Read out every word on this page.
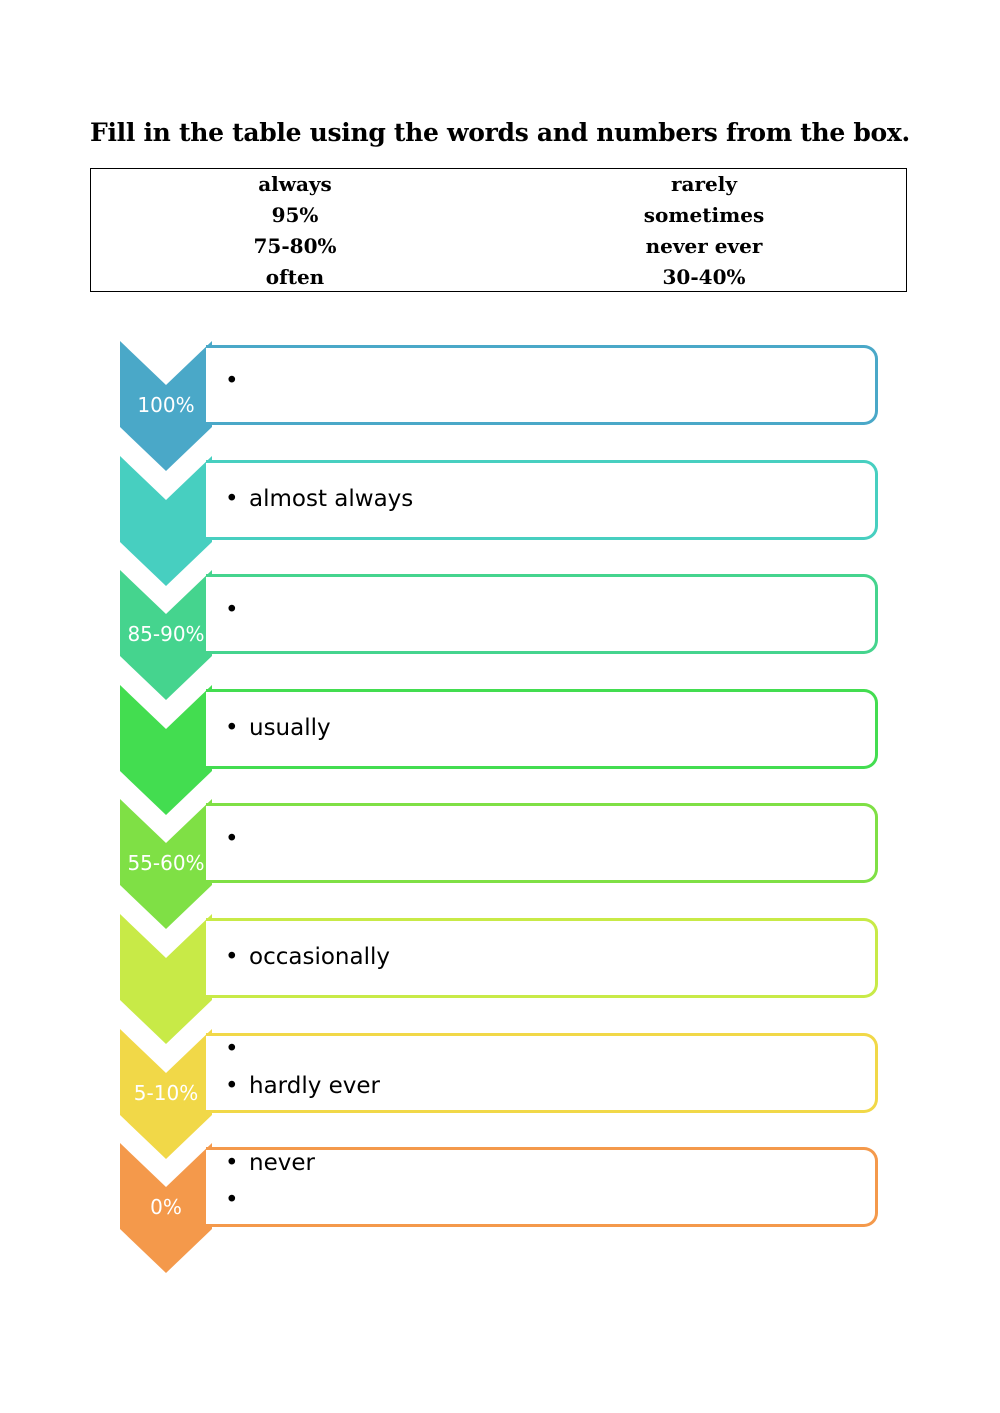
Fill in the table using the words and numbers from the box.
always
95%
75-80%
often
rarely
sometimes
never ever
30-40%
100%
•
• almost always
85-90%
•
• usually
55-60%
•
• occasionally
5-10%
•
• hardly ever
0%
• never
•
